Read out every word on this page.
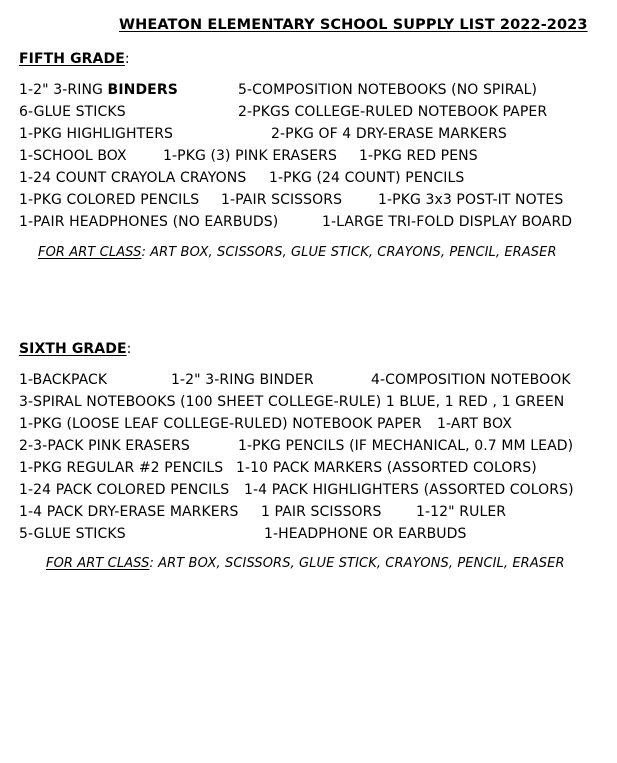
WHEATON ELEMENTARY SCHOOL SUPPLY LIST 2022-2023
FIFTH GRADE:
1-2" 3-RING BINDERS	5-COMPOSITION NOTEBOOKS (NO SPIRAL)
6-GLUE STICKS	2-PKGS COLLEGE-RULED NOTEBOOK PAPER
1-PKG HIGHLIGHTERS	2-PKG OF 4 DRY-ERASE MARKERS
1-SCHOOL BOX	1-PKG (3) PINK ERASERS 1-PKG RED PENS
1-24 COUNT CRAYOLA CRAYONS 1-PKG (24 COUNT) PENCILS
1-PKG COLORED PENCILS 1-PAIR SCISSORS	1-PKG 3x3 POST-IT NOTES
1-PAIR HEADPHONES (NO EARBUDS)	1-LARGE TRI-FOLD DISPLAY BOARD
FOR ART CLASS: ART BOX, SCISSORS, GLUE STICK, CRAYONS, PENCIL, ERASER
SIXTH GRADE:
1-BACKPACK	1-2" 3-RING BINDER	4-COMPOSITION NOTEBOOK
3-SPIRAL NOTEBOOKS (100 SHEET COLLEGE-RULE) 1 BLUE, 1 RED , 1 GREEN
1-PKG (LOOSE LEAF COLLEGE-RULED) NOTEBOOK PAPER 1-ART BOX
2-3-PACK PINK ERASERS	1-PKG PENCILS (IF MECHANICAL, 0.7 MM LEAD)
1-PKG REGULAR #2 PENCILS 1-10 PACK MARKERS (ASSORTED COLORS)
1-24 PACK COLORED PENCILS 1-4 PACK HIGHLIGHTERS (ASSORTED COLORS)
1-4 PACK DRY-ERASE MARKERS 1 PAIR SCISSORS 1-12" RULER
5-GLUE STICKS	1-HEADPHONE OR EARBUDS
FOR ART CLASS: ART BOX, SCISSORS, GLUE STICK, CRAYONS, PENCIL, ERASER
